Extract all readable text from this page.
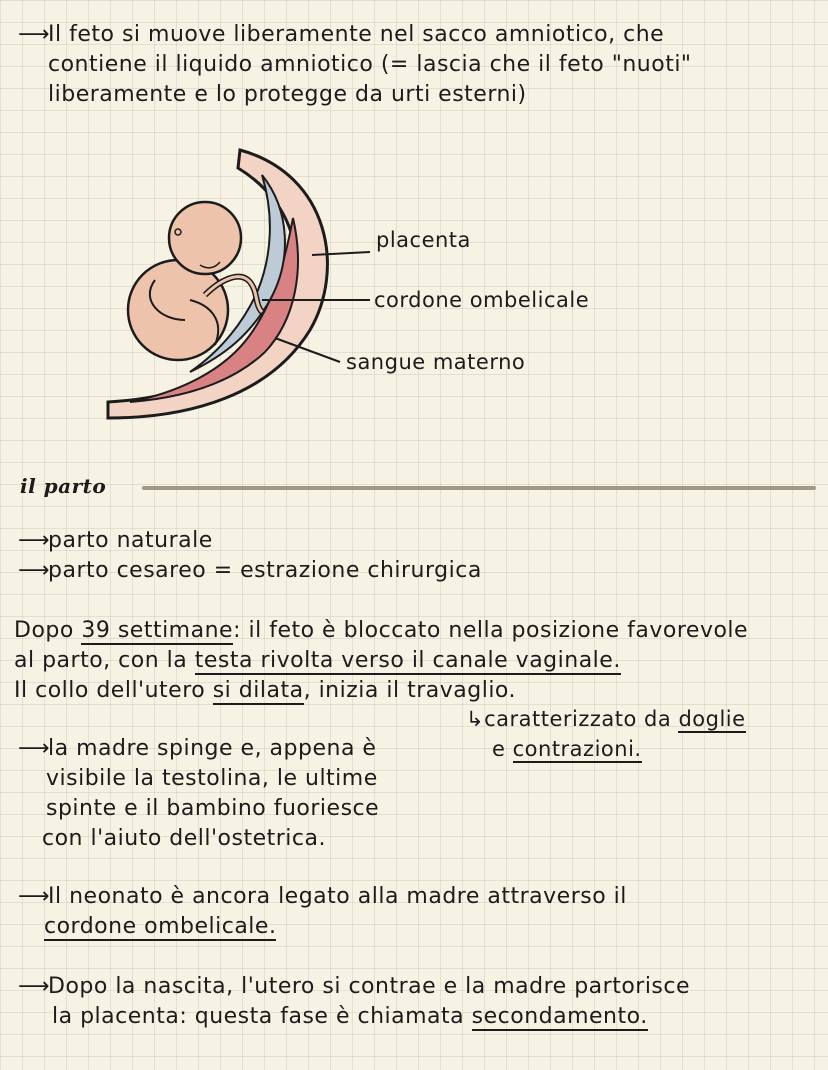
⟶Il feto si muove liberamente nel sacco amniotico, che
contiene il liquido amniotico (= lascia che il feto "nuoti"
liberamente e lo protegge da urti esterni)
placenta
cordone ombelicale
sangue materno
il parto
⟶parto naturale
⟶parto cesareo = estrazione chirurgica
Dopo 39 settimane: il feto è bloccato nella posizione favorevole
al parto, con la testa rivolta verso il canale vaginale.
Il collo dell'utero si dilata, inizia il travaglio.
↳caratterizzato da doglie
e contrazioni.
⟶la madre spinge e, appena è
visibile la testolina, le ultime
spinte e il bambino fuoriesce
con l'aiuto dell'ostetrica.
⟶Il neonato è ancora legato alla madre attraverso il
cordone ombelicale.
⟶Dopo la nascita, l'utero si contrae e la madre partorisce
la placenta: questa fase è chiamata secondamento.
